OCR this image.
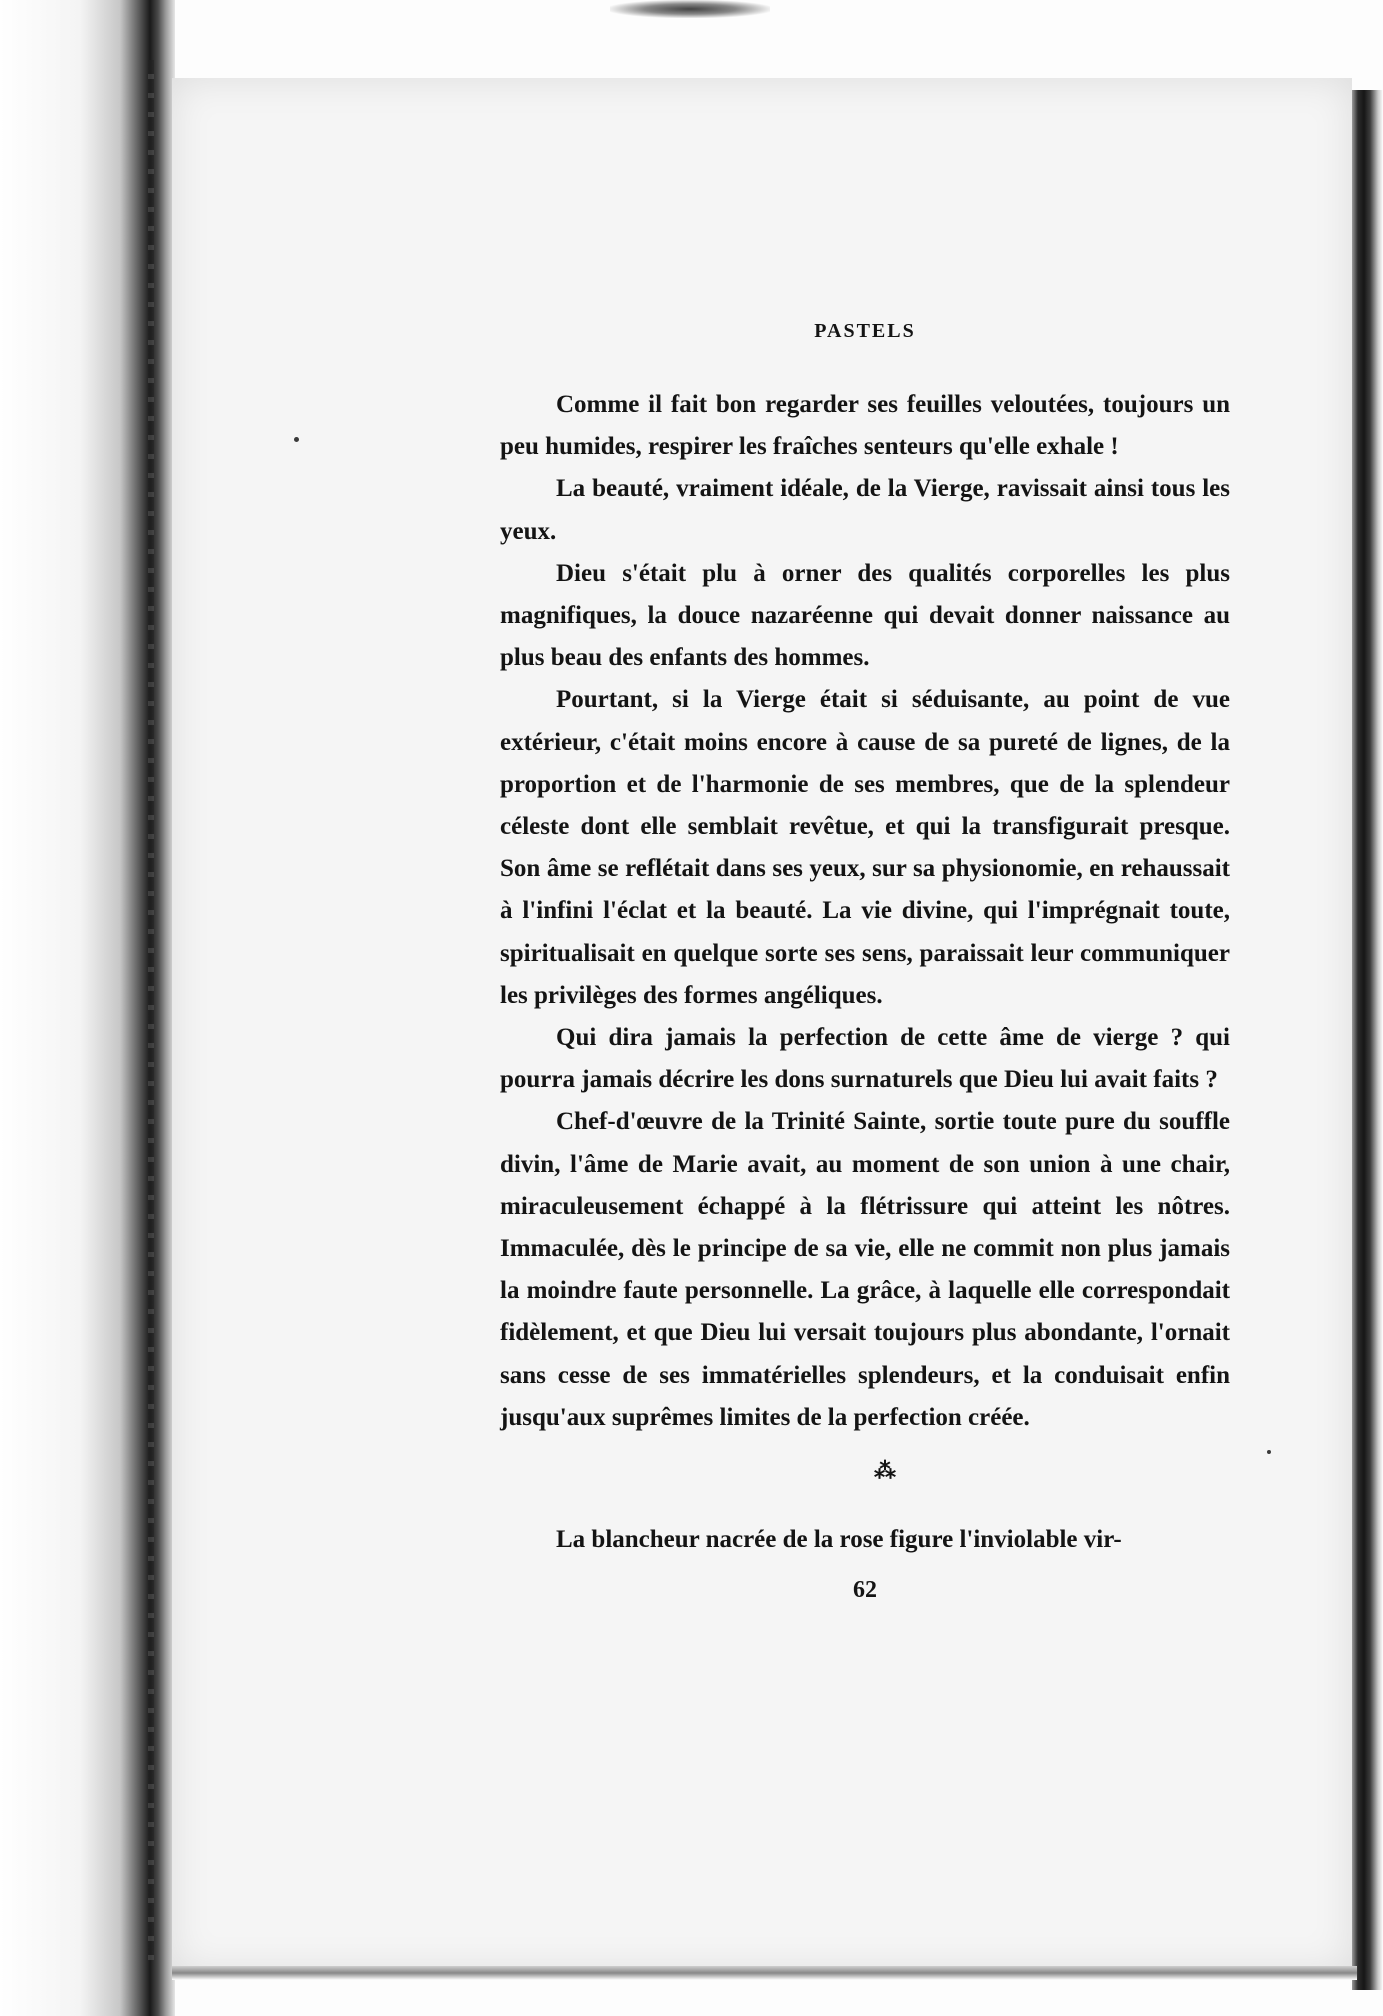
PASTELS

Comme il fait bon regarder ses feuilles veloutées, toujours un peu humides, respirer les fraîches senteurs qu'elle exhale !

La beauté, vraiment idéale, de la Vierge, ravissait ainsi tous les yeux.

Dieu s'était plu à orner des qualités corporelles les plus magnifiques, la douce nazaréenne qui devait donner naissance au plus beau des enfants des hommes.

Pourtant, si la Vierge était si séduisante, au point de vue extérieur, c'était moins encore à cause de sa pureté de lignes, de la proportion et de l'harmonie de ses membres, que de la splendeur céleste dont elle semblait revêtue, et qui la transfigurait presque. Son âme se reflétait dans ses yeux, sur sa physionomie, en rehaussait à l'infini l'éclat et la beauté. La vie divine, qui l'imprégnait toute, spiritualisait en quelque sorte ses sens, paraissait leur communiquer les privilèges des formes angéliques.

Qui dira jamais la perfection de cette âme de vierge ? qui pourra jamais décrire les dons surnaturels que Dieu lui avait faits ?

Chef-d'œuvre de la Trinité Sainte, sortie toute pure du souffle divin, l'âme de Marie avait, au moment de son union à une chair, miraculeusement échappé à la flétrissure qui atteint les nôtres. Immaculée, dès le principe de sa vie, elle ne commit non plus jamais la moindre faute personnelle. La grâce, à laquelle elle correspondait fidèlement, et que Dieu lui versait toujours plus abondante, l'ornait sans cesse de ses immatérielles splendeurs, et la conduisait enfin jusqu'aux suprêmes limites de la perfection créée.

⁂

La blancheur nacrée de la rose figure l'inviolable vir-

62
